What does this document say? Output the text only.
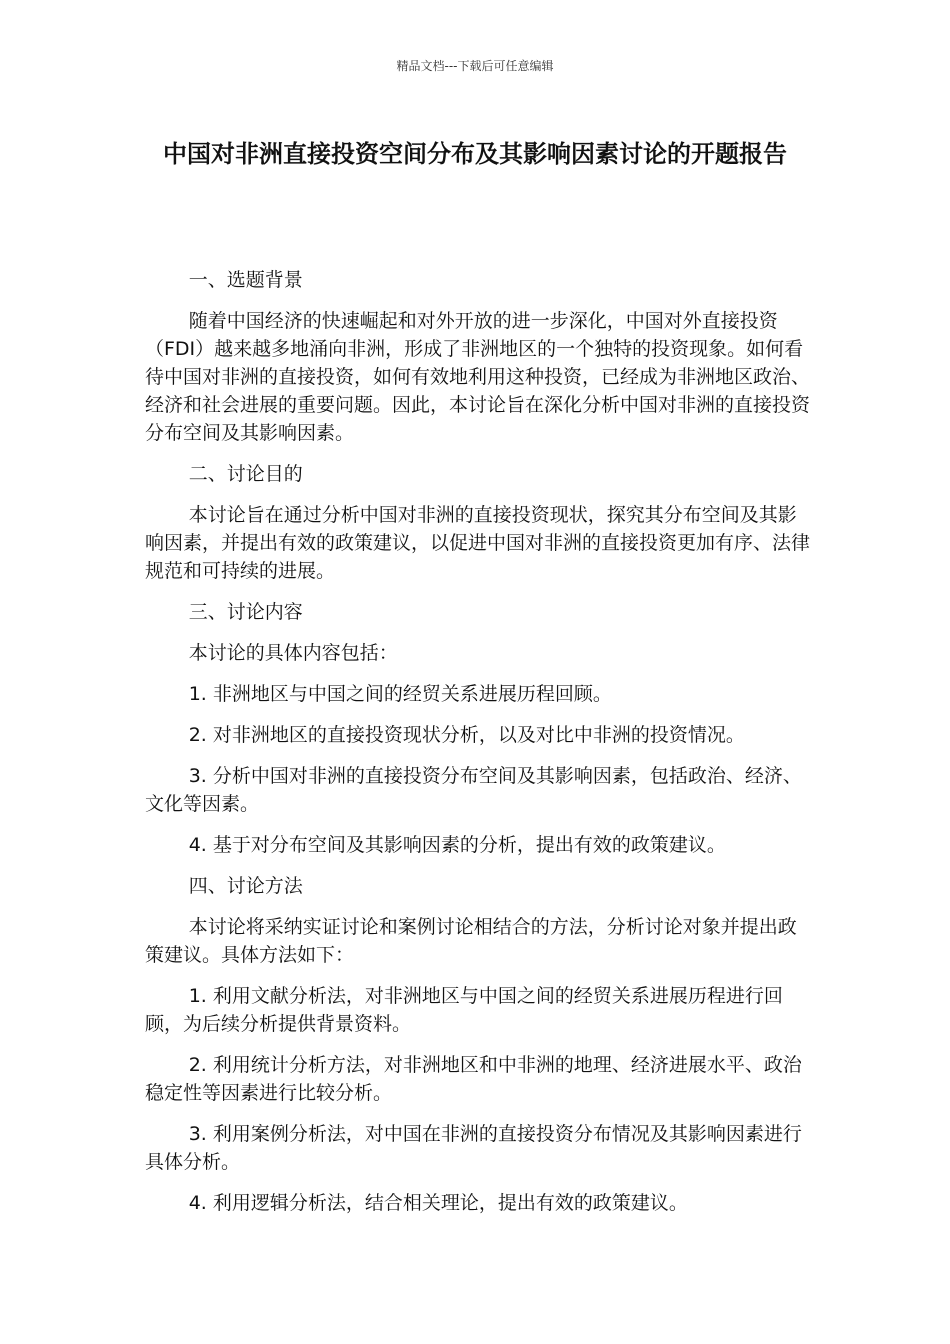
精品文档---下载后可任意编辑
中国对非洲直接投资空间分布及其影响因素讨论的开题报告

一、选题背景

随着中国经济的快速崛起和对外开放的进一步深化，中国对外直接投资（FDI）越来越多地涌向非洲，形成了非洲地区的一个独特的投资现象。如何看待中国对非洲的直接投资，如何有效地利用这种投资，已经成为非洲地区政治、经济和社会进展的重要问题。因此，本讨论旨在深化分析中国对非洲的直接投资分布空间及其影响因素。

二、讨论目的

本讨论旨在通过分析中国对非洲的直接投资现状，探究其分布空间及其影响因素，并提出有效的政策建议，以促进中国对非洲的直接投资更加有序、法律规范和可持续的进展。

三、讨论内容

本讨论的具体内容包括：

1. 非洲地区与中国之间的经贸关系进展历程回顾。

2. 对非洲地区的直接投资现状分析，以及对比中非洲的投资情况。

3. 分析中国对非洲的直接投资分布空间及其影响因素，包括政治、经济、文化等因素。

4. 基于对分布空间及其影响因素的分析，提出有效的政策建议。

四、讨论方法

本讨论将采纳实证讨论和案例讨论相结合的方法，分析讨论对象并提出政策建议。具体方法如下：

1. 利用文献分析法，对非洲地区与中国之间的经贸关系进展历程进行回顾，为后续分析提供背景资料。

2. 利用统计分析方法，对非洲地区和中非洲的地理、经济进展水平、政治稳定性等因素进行比较分析。

3. 利用案例分析法，对中国在非洲的直接投资分布情况及其影响因素进行具体分析。

4. 利用逻辑分析法，结合相关理论，提出有效的政策建议。
